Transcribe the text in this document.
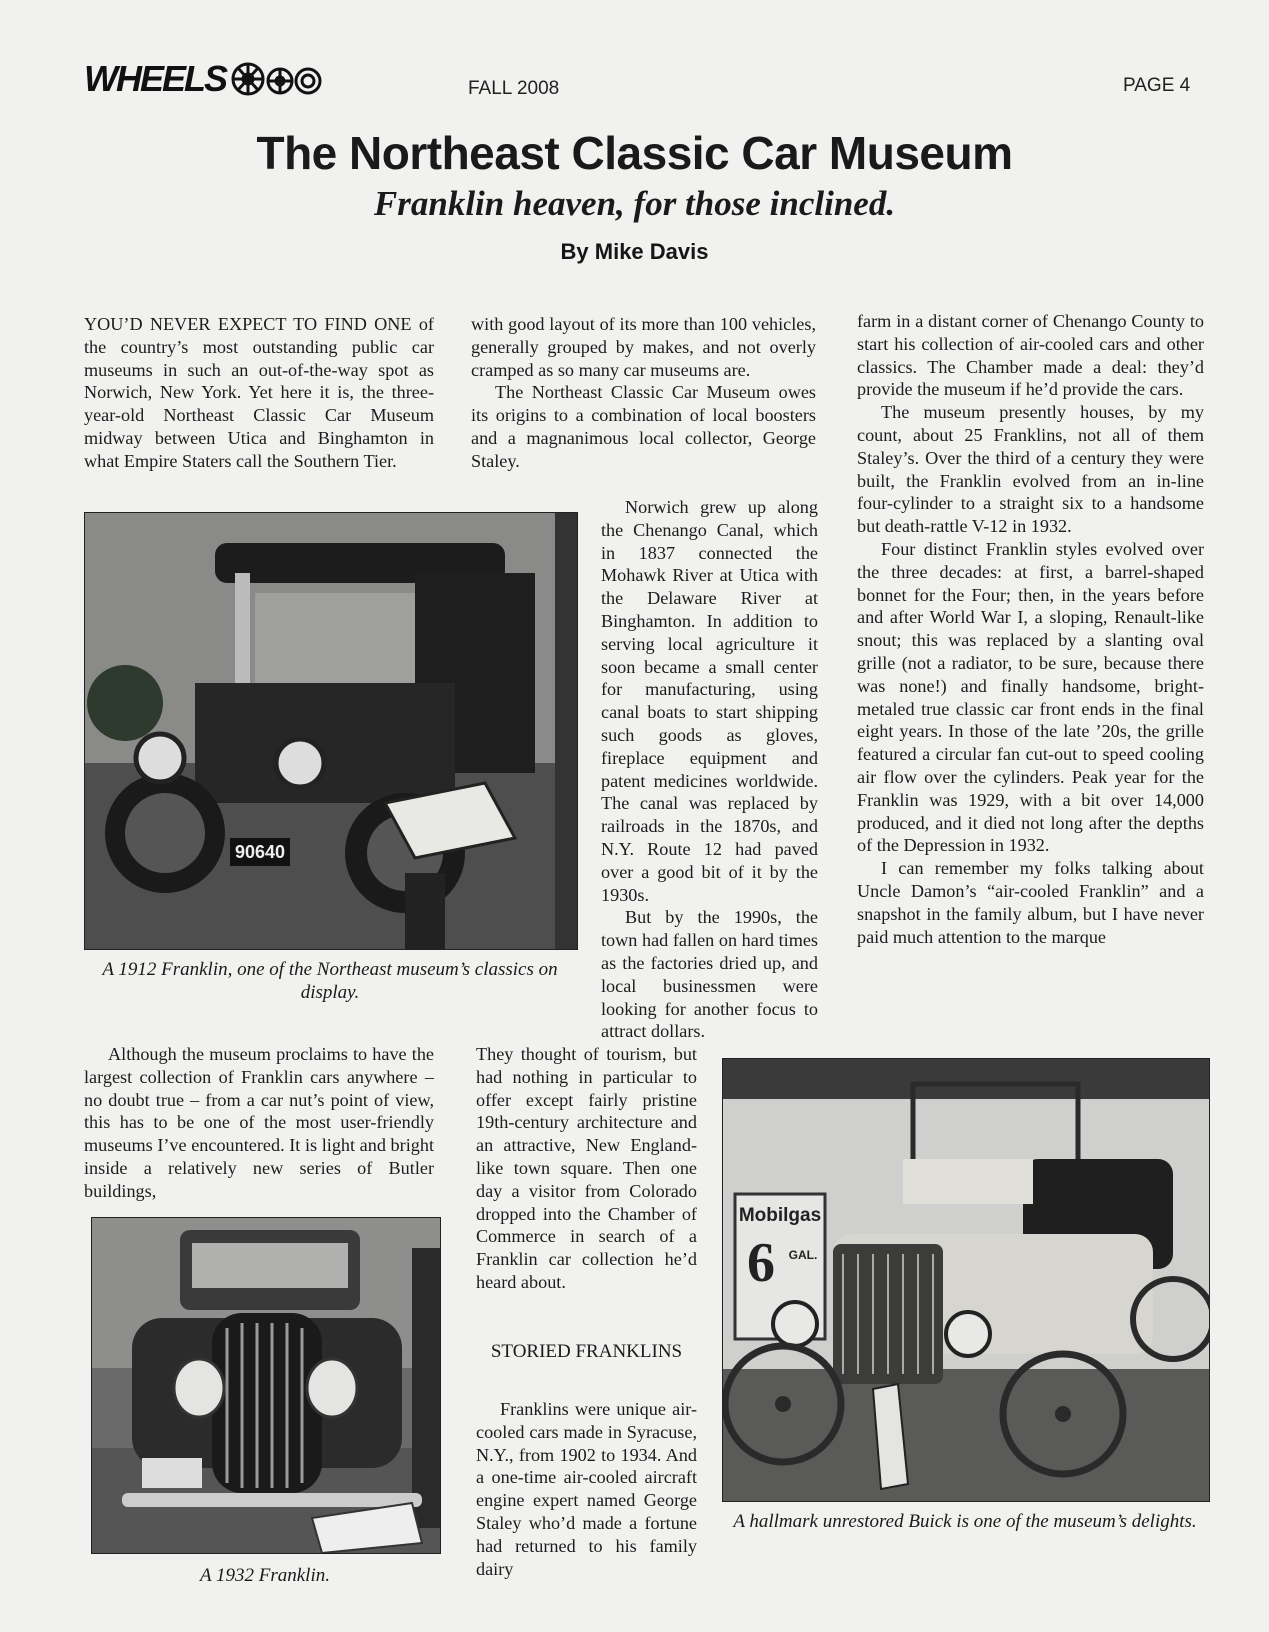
WHEELS	FALL 2008	PAGE 4
The Northeast Classic Car Museum
Franklin heaven, for those inclined.
By Mike Davis

YOU’D NEVER EXPECT TO FIND ONE of the country’s most outstanding public car museums in such an out-of-the-way spot as Norwich, New York. Yet here it is, the three-year-old Northeast Classic Car Museum midway between Utica and Binghamton in what Empire Staters call the Southern Tier.

90640
A 1912 Franklin, one of the Northeast museum’s classics on display.

Although the museum proclaims to have the largest collection of Franklin cars anywhere – no doubt true – from a car nut’s point of view, this has to be one of the most user-friendly museums I’ve encountered. It is light and bright inside a relatively new series of Butler buildings,

A 1932 Franklin.

with good layout of its more than 100 vehicles, generally grouped by makes, and not overly cramped as so many car museums are.

The Northeast Classic Car Museum owes its origins to a combination of local boosters and a magnanimous local collector, George Staley.

Norwich grew up along the Chenango Canal, which in 1837 connected the Mohawk River at Utica with the Delaware River at Binghamton. In addition to serving local agriculture it soon became a small center for manufacturing, using canal boats to start shipping such goods as gloves, fireplace equipment and patent medicines worldwide. The canal was replaced by railroads in the 1870s, and N.Y. Route 12 had paved over a good bit of it by the 1930s.

But by the 1990s, the town had fallen on hard times as the factories dried up, and local businessmen were looking for another focus to attract dollars.

They thought of tourism, but had nothing in particular to offer except fairly pristine 19th-century architecture and an attractive, New England-like town square. Then one day a visitor from Colorado dropped into the Chamber of Commerce in search of a Franklin car collection he’d heard about.

STORIED FRANKLINS

Franklins were unique air-cooled cars made in Syracuse, N.Y., from 1902 to 1934. And a one-time air-cooled aircraft engine expert named George Staley who’d made a fortune had returned to his family dairy

farm in a distant corner of Chenango County to start his collection of air-cooled cars and other classics. The Chamber made a deal: they’d provide the museum if he’d provide the cars.

The museum presently houses, by my count, about 25 Franklins, not all of them Staley’s. Over the third of a century they were built, the Franklin evolved from an in-line four-cylinder to a straight six to a handsome but death-rattle V-12 in 1932.

Four distinct Franklin styles evolved over the three decades: at first, a barrel-shaped bonnet for the Four; then, in the years before and after World War I, a sloping, Renault-like snout; this was replaced by a slanting oval grille (not a radiator, to be sure, because there was none!) and finally handsome, bright-metaled true classic car front ends in the final eight years. In those of the late ’20s, the grille featured a circular fan cut-out to speed cooling air flow over the cylinders. Peak year for the Franklin was 1929, with a bit over 14,000 produced, and it died not long after the depths of the Depression in 1932.

I can remember my folks talking about Uncle Damon’s “air-cooled Franklin” and a snapshot in the family album, but I have never paid much attention to the marque

Mobilgas
6 GAL.
A hallmark unrestored Buick is one of the museum’s delights.
